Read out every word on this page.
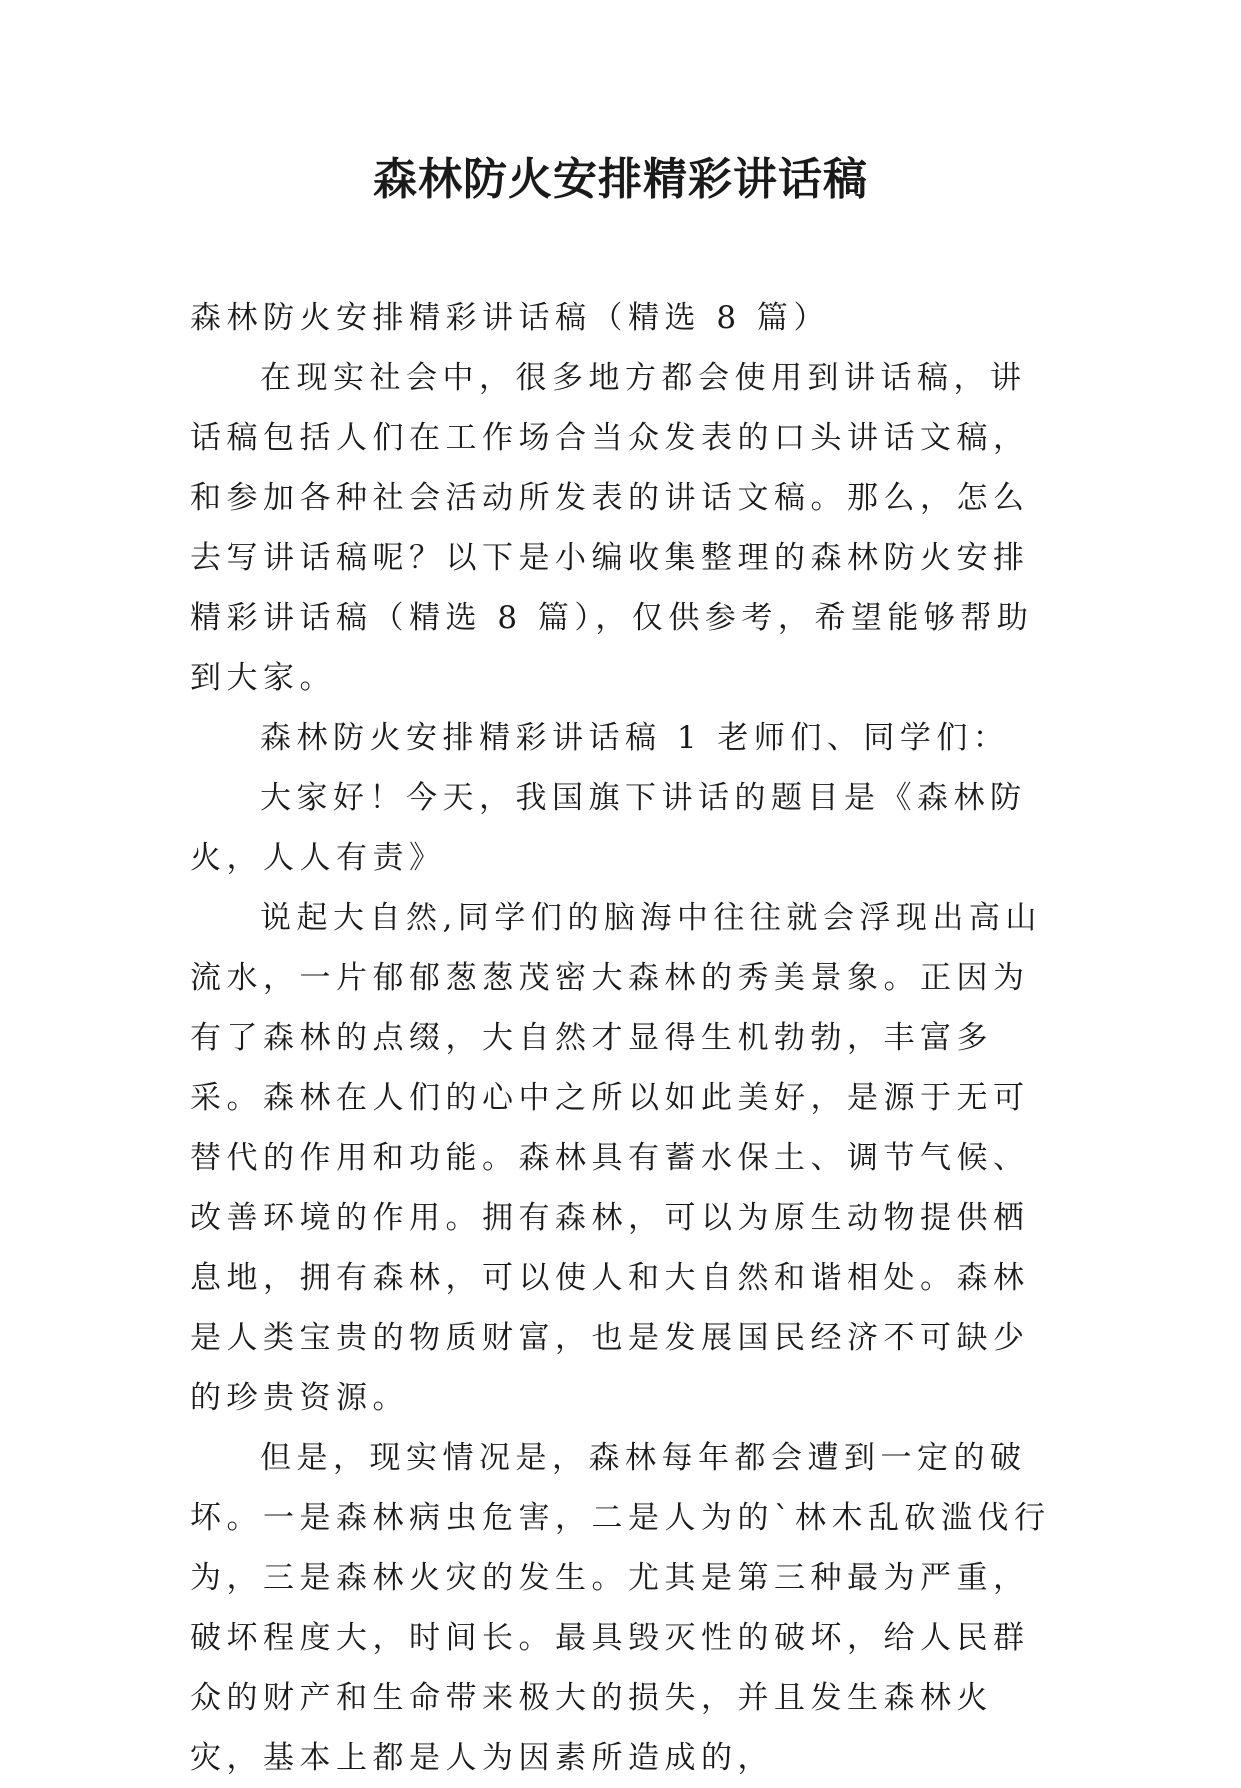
森林防火安排精彩讲话稿

森林防火安排精彩讲话稿（精选 8 篇）

在现实社会中，很多地方都会使用到讲话稿，讲话稿包括人们在工作场合当众发表的口头讲话文稿，和参加各种社会活动所发表的讲话文稿。那么，怎么去写讲话稿呢？以下是小编收集整理的森林防火安排精彩讲话稿（精选 8 篇），仅供参考，希望能够帮助到大家。

森林防火安排精彩讲话稿 1 老师们、同学们：

大家好！今天，我国旗下讲话的题目是《森林防火，人人有责》

说起大自然,同学们的脑海中往往就会浮现出高山流水，一片郁郁葱葱茂密大森林的秀美景象。正因为有了森林的点缀，大自然才显得生机勃勃，丰富多采。森林在人们的心中之所以如此美好，是源于无可替代的作用和功能。森林具有蓄水保土、调节气候、改善环境的作用。拥有森林，可以为原生动物提供栖息地，拥有森林，可以使人和大自然和谐相处。森林是人类宝贵的物质财富，也是发展国民经济不可缺少的珍贵资源。

但是，现实情况是，森林每年都会遭到一定的破坏。一是森林病虫危害，二是人为的`林木乱砍滥伐行为，三是森林火灾的发生。尤其是第三种最为严重，破坏程度大，时间长。最具毁灭性的破坏，给人民群众的财产和生命带来极大的损失，并且发生森林火灾，基本上都是人为因素所造成的，
